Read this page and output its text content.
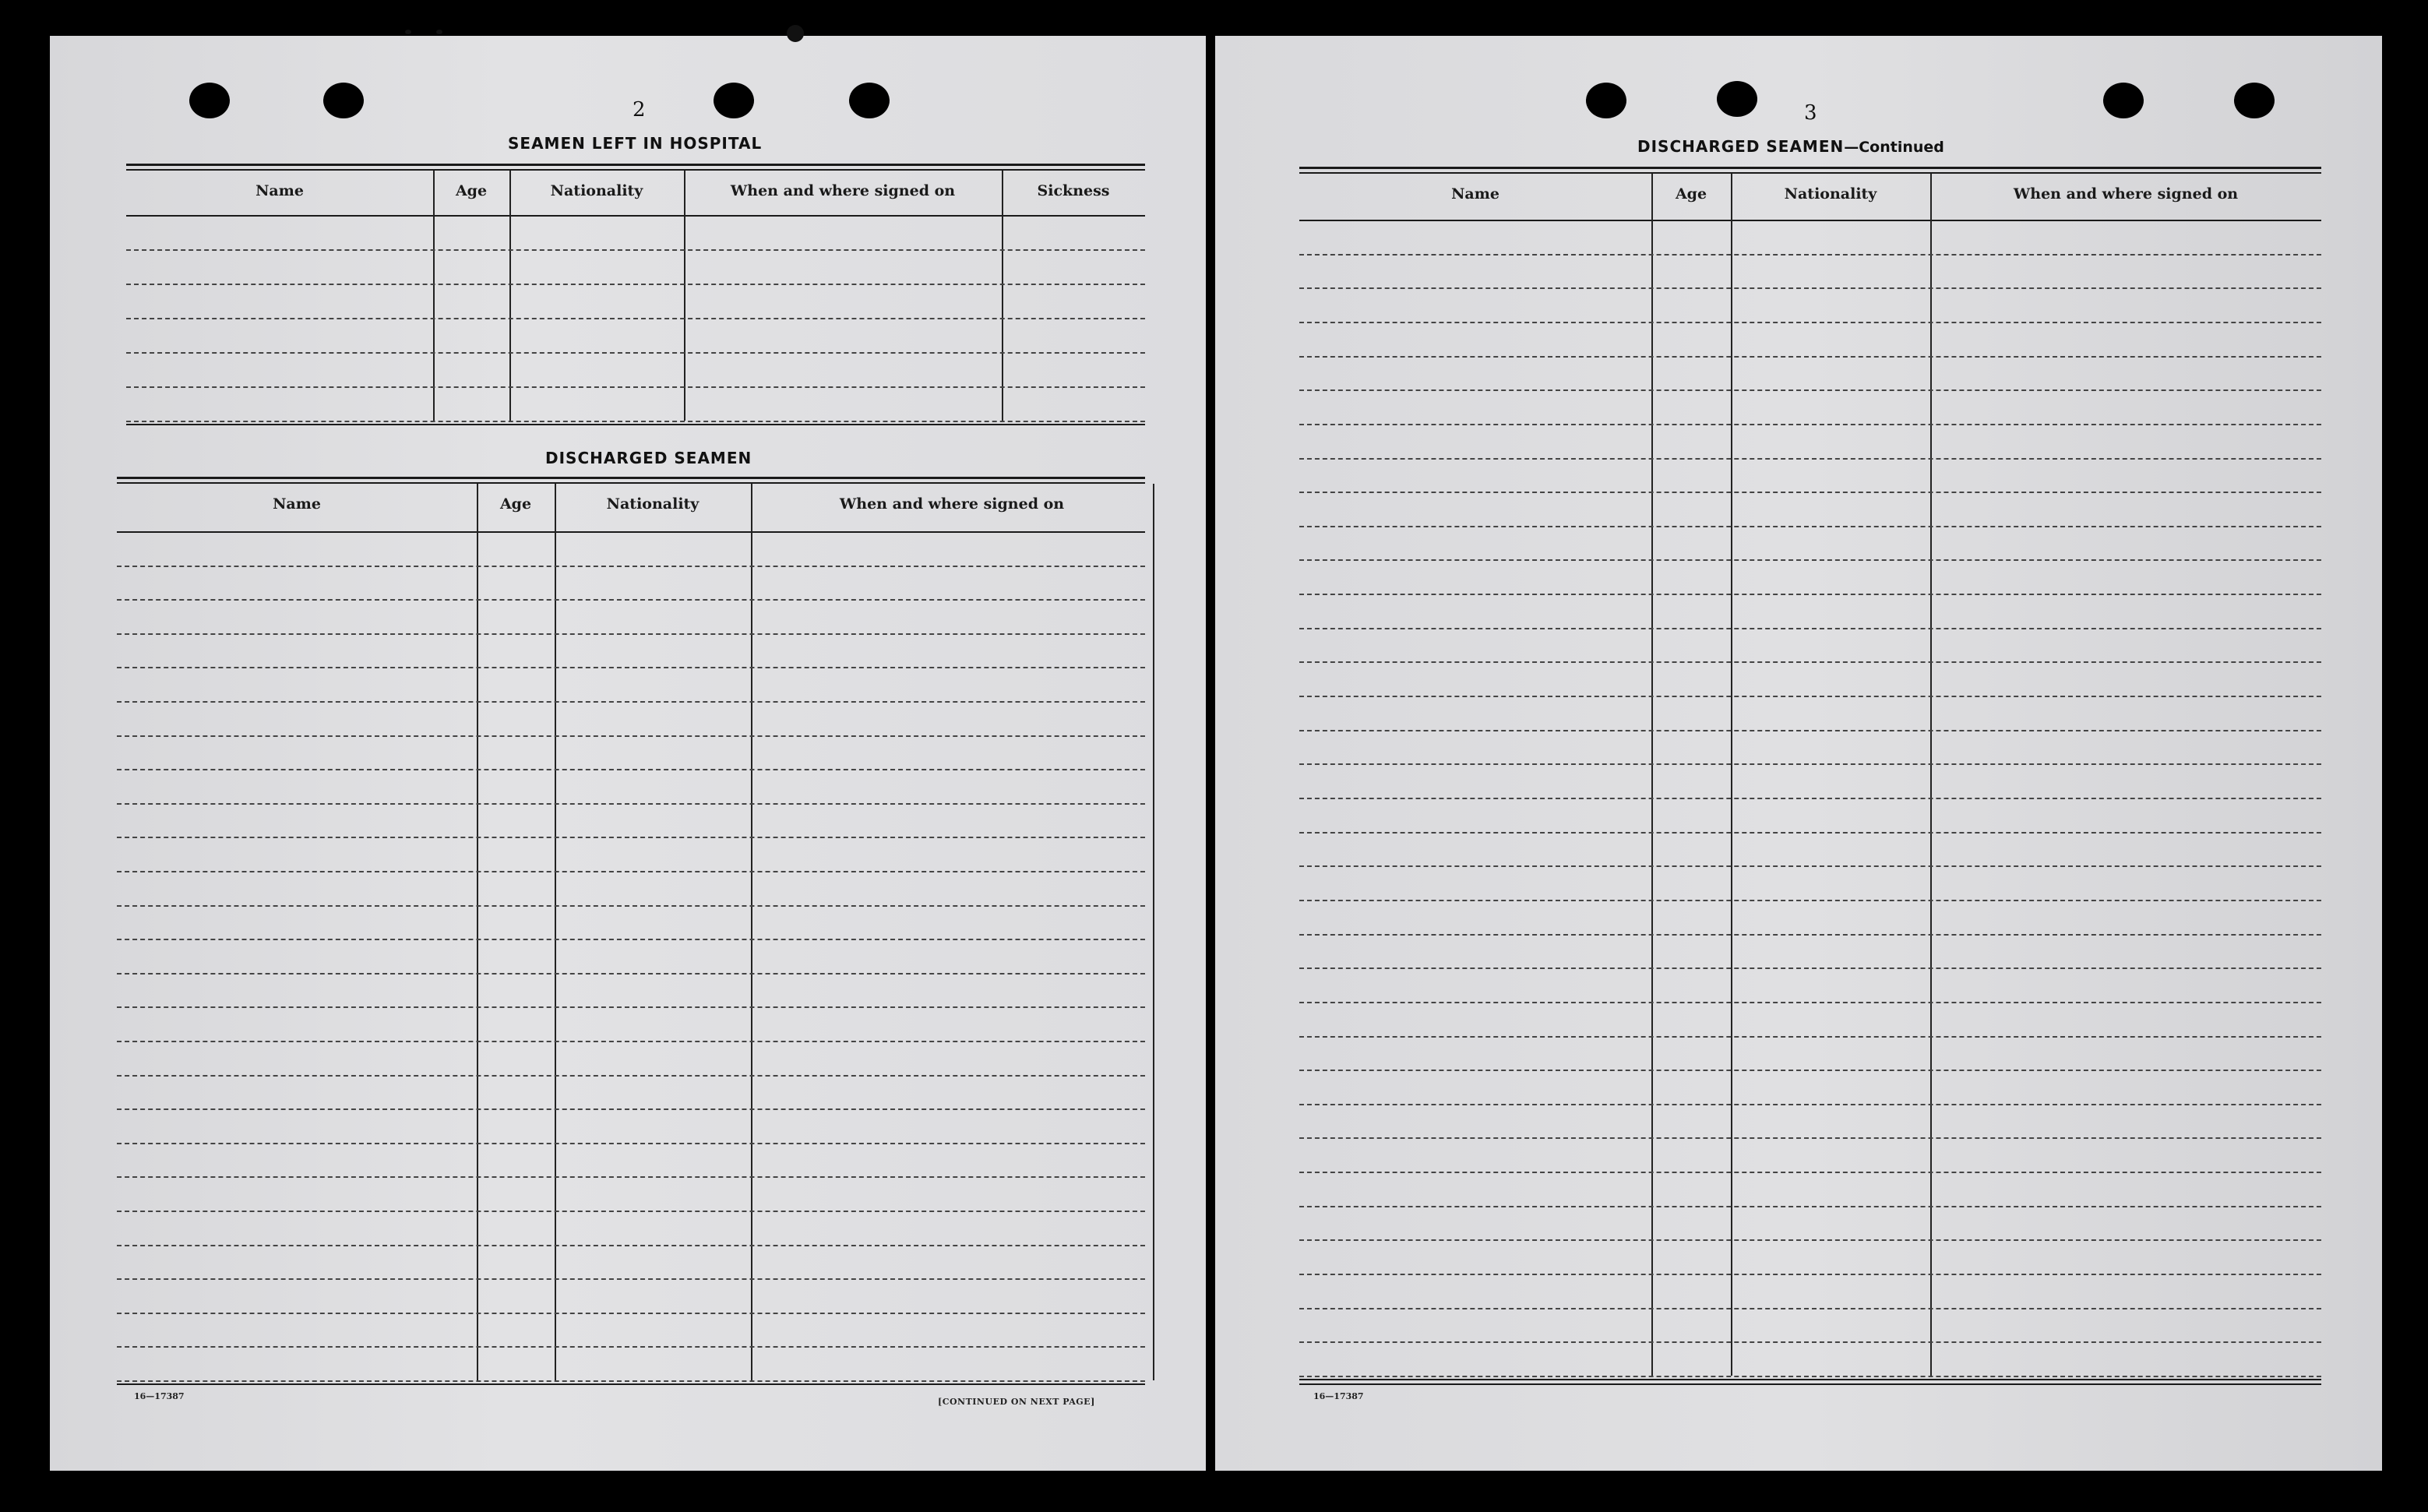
2
SEAMEN LEFT IN HOSPITAL
DISCHARGED SEAMEN
16—17387
[CONTINUED ON NEXT PAGE]
3
DISCHARGED SEAMEN—Continued
16—17387
Name	Age	Nationality	When and where signed on	Sickness
Name	Age	Nationality	When and where signed on
Name	Age	Nationality	When and where signed on
